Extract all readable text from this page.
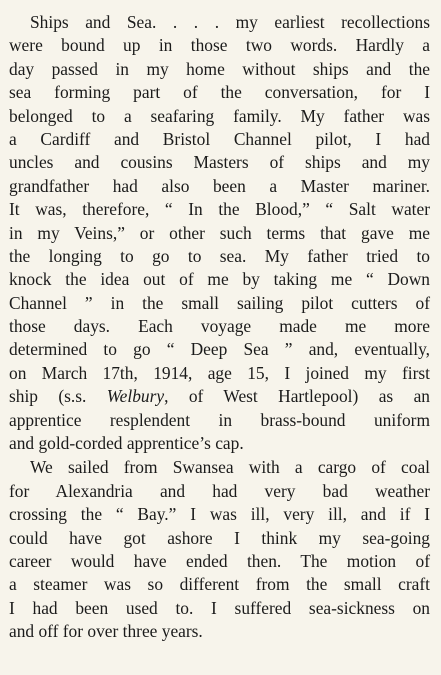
Ships and Sea. . . . my earliest recollections
were bound up in those two words. Hardly a
day passed in my home without ships and the
sea forming part of the conversation, for I
belonged to a seafaring family. My father was
a Cardiff and Bristol Channel pilot, I had
uncles and cousins Masters of ships and my
grandfather had also been a Master mariner.
It was, therefore, “ In the Blood,” “ Salt water
in my Veins,” or other such terms that gave me
the longing to go to sea. My father tried to
knock the idea out of me by taking me “ Down
Channel ” in the small sailing pilot cutters of
those days. Each voyage made me more
determined to go “ Deep Sea ” and, eventually,
on March 17th, 1914, age 15, I joined my first
ship (s.s. Welbury, of West Hartlepool) as an
apprentice resplendent in brass-bound uniform
and gold-corded apprentice’s cap.
We sailed from Swansea with a cargo of coal
for Alexandria and had very bad weather
crossing the “ Bay.” I was ill, very ill, and if I
could have got ashore I think my sea-going
career would have ended then. The motion of
a steamer was so different from the small craft
I had been used to. I suffered sea-sickness on
and off for over three years.
